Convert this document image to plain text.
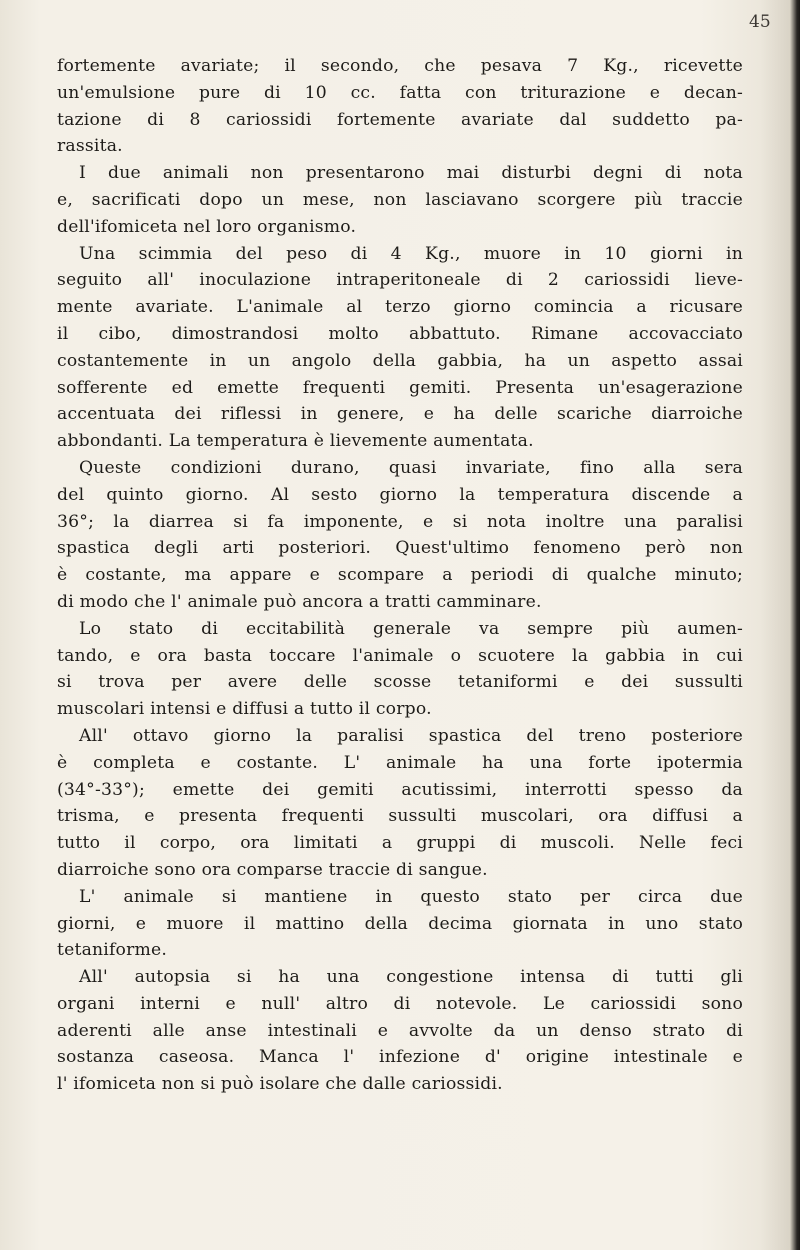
45
fortemente avariate; il secondo, che pesava 7 Kg., ricevette
un'emulsione pure di 10 cc. fatta con triturazione e decan-
tazione di 8 cariossidi fortemente avariate dal suddetto pa-
rassita.
I due animali non presentarono mai disturbi degni di nota
e, sacrificati dopo un mese, non lasciavano scorgere più traccie
dell'ifomiceta nel loro organismo.
Una scimmia del peso di 4 Kg., muore in 10 giorni in
seguito all' inoculazione intraperitoneale di 2 cariossidi lieve-
mente avariate. L'animale al terzo giorno comincia a ricusare
il cibo, dimostrandosi molto abbattuto. Rimane accovacciato
costantemente in un angolo della gabbia, ha un aspetto assai
sofferente ed emette frequenti gemiti. Presenta un'esagerazione
accentuata dei riflessi in genere, e ha delle scariche diarroiche
abbondanti. La temperatura è lievemente aumentata.
Queste condizioni durano, quasi invariate, fino alla sera
del quinto giorno. Al sesto giorno la temperatura discende a
36°; la diarrea si fa imponente, e si nota inoltre una paralisi
spastica degli arti posteriori. Quest'ultimo fenomeno però non
è costante, ma appare e scompare a periodi di qualche minuto;
di modo che l' animale può ancora a tratti camminare.
Lo stato di eccitabilità generale va sempre più aumen-
tando, e ora basta toccare l'animale o scuotere la gabbia in cui
si trova per avere delle scosse tetaniformi e dei sussulti
muscolari intensi e diffusi a tutto il corpo.
All' ottavo giorno la paralisi spastica del treno posteriore
è completa e costante. L' animale ha una forte ipotermia
(34°-33°); emette dei gemiti acutissimi, interrotti spesso da
trisma, e presenta frequenti sussulti muscolari, ora diffusi a
tutto il corpo, ora limitati a gruppi di muscoli. Nelle feci
diarroiche sono ora comparse traccie di sangue.
L' animale si mantiene in questo stato per circa due
giorni, e muore il mattino della decima giornata in uno stato
tetaniforme.
All' autopsia si ha una congestione intensa di tutti gli
organi interni e null' altro di notevole. Le cariossidi sono
aderenti alle anse intestinali e avvolte da un denso strato di
sostanza caseosa. Manca l' infezione d' origine intestinale e
l' ifomiceta non si può isolare che dalle cariossidi.
